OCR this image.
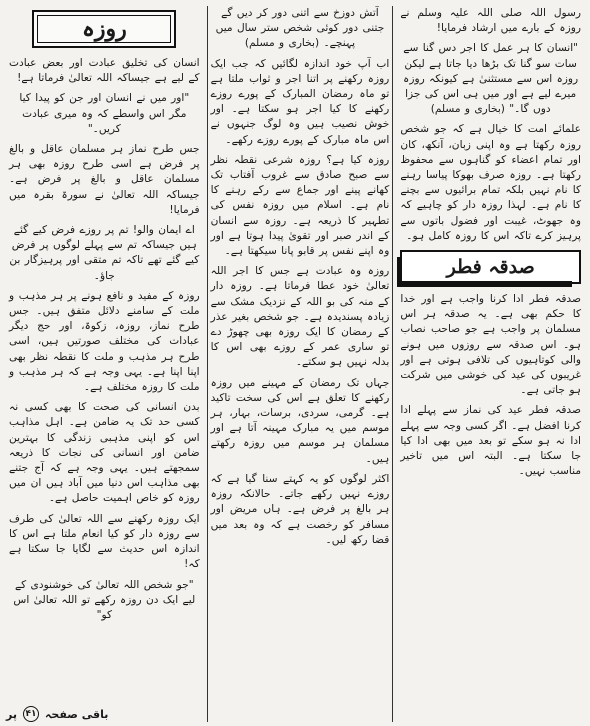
روزہ

انسان کی تخلیق عبادت اور بعض عبادت کے لیے ہے جیساکہ اللہ تعالیٰ فرماتا ہے!

"اور میں نے انسان اور جن کو پیدا کیا مگر اس واسطے کہ وہ میری عبادت کریں۔"

جس طرح نماز ہر مسلمان عاقل و بالغ پر فرض ہے اسی طرح روزہ بھی ہر مسلمان عاقل و بالغ پر فرض ہے۔ جیساکہ اللہ تعالیٰ نے سورۃ بقرہ میں فرمایا!

اے ایمان والو! تم پر روزے فرض کیے گئے ہیں جیساکہ تم سے پہلے لوگوں پر فرض کیے گئے تھے تاکہ تم متقی اور پرہیزگار بن جاؤ۔

روزہ کے مفید و نافع ہونے پر ہر مذہب و ملت کے سامنے دلائل متفق ہیں۔ جس طرح نماز، روزہ، زکوۃ، اور حج دیگر عبادات کی مختلف صورتیں ہیں، اسی طرح ہر مذہب و ملت کا نقطہ نظر بھی اپنا اپنا ہے۔ یہی وجہ ہے کہ ہر مذہب و ملت کا روزہ مختلف ہے۔

بدن انسانی کی صحت کا بھی کسی نہ کسی حد تک یہ ضامن ہے۔ اہل مذاہب اس کو اپنی مذہبی زندگی کا بہترین ضامن اور انسانی کی نجات کا ذریعہ سمجھتے ہیں۔ یہی وجہ ہے کہ آج جتنے بھی مذاہب اس دنیا میں آباد ہیں ان میں روزہ کو خاص اہمیت حاصل ہے۔

ایک روزہ رکھنے سے اللہ تعالیٰ کی طرف سے روزہ دار کو کیا انعام ملتا ہے اس کا اندازہ اس حدیث سے لگایا جا سکتا ہے کہ!

"جو شخص اللہ تعالیٰ کی خوشنودی کے لیے ایک دن روزہ رکھے تو اللہ تعالیٰ اس کو"

آتش دوزخ سے اتنی دور کر دیں گے جتنی دور کوئی شخص ستر سال میں پہنچے۔ (بخاری و مسلم)

اب آپ خود اندازہ لگائیں کہ جب ایک روزہ رکھنے پر اتنا اجر و ثواب ملتا ہے تو ماہ رمضان المبارک کے پورے روزے رکھنے کا کیا اجر ہو سکتا ہے۔ اور خوش نصیب ہیں وہ لوگ جنہوں نے اس ماہ مبارک کے پورے روزے رکھے۔

روزہ کیا ہے؟ روزہ شرعی نقطہ نظر سے صبح صادق سے غروب آفتاب تک کھانے پینے اور جماع سے رکے رہنے کا نام ہے۔ اسلام میں روزہ نفس کی تطہیر کا ذریعہ ہے۔ روزہ سے انسان کے اندر صبر اور تقویٰ پیدا ہوتا ہے اور وہ اپنے نفس پر قابو پانا سیکھتا ہے۔

روزہ وہ عبادت ہے جس کا اجر اللہ تعالیٰ خود عطا فرماتا ہے۔ روزہ دار کے منہ کی بو اللہ کے نزدیک مشک سے زیادہ پسندیدہ ہے۔ جو شخص بغیر عذر کے رمضان کا ایک روزہ بھی چھوڑ دے تو ساری عمر کے روزے بھی اس کا بدلہ نہیں ہو سکتے۔

جہاں تک رمضان کے مہینے میں روزہ رکھنے کا تعلق ہے اس کی سخت تاکید ہے۔ گرمی، سردی، برسات، بہار، ہر موسم میں یہ مبارک مہینہ آتا ہے اور مسلمان ہر موسم میں روزہ رکھتے ہیں۔

اکثر لوگوں کو یہ کہتے سنا گیا ہے کہ روزے نہیں رکھے جاتے۔ حالانکہ روزہ ہر بالغ پر فرض ہے۔ ہاں مریض اور مسافر کو رخصت ہے کہ وہ بعد میں قضا رکھ لیں۔

رسول اللہ صلی اللہ علیہ وسلم نے روزہ کے بارے میں ارشاد فرمایا!

"انسان کا ہر عمل کا اجر دس گنا سے سات سو گنا تک بڑھا دیا جاتا ہے لیکن روزہ اس سے مستثنیٰ ہے کیونکہ روزہ میرے لیے ہے اور میں ہی اس کی جزا دوں گا۔" (بخاری و مسلم)

علمائے امت کا خیال ہے کہ جو شخص روزہ رکھتا ہے وہ اپنی زبان، آنکھ، کان اور تمام اعضاء کو گناہوں سے محفوظ رکھتا ہے۔ روزہ صرف بھوکا پیاسا رہنے کا نام نہیں بلکہ تمام برائیوں سے بچنے کا نام ہے۔ لہذا روزہ دار کو چاہیے کہ وہ جھوٹ، غیبت اور فضول باتوں سے پرہیز کرے تاکہ اس کا روزہ کامل ہو۔

صدقہ فطر

صدقہ فطر ادا کرنا واجب ہے اور خدا کا حکم بھی ہے۔ یہ صدقہ ہر اس مسلمان پر واجب ہے جو صاحب نصاب ہو۔ اس صدقہ سے روزوں میں ہونے والی کوتاہیوں کی تلافی ہوتی ہے اور غریبوں کی عید کی خوشی میں شرکت ہو جاتی ہے۔

صدقہ فطر عید کی نماز سے پہلے ادا کرنا افضل ہے۔ اگر کسی وجہ سے پہلے ادا نہ ہو سکے تو بعد میں بھی ادا کیا جا سکتا ہے۔ البتہ اس میں تاخیر مناسب نہیں۔

باقی صفحہ
۴۱
پر
